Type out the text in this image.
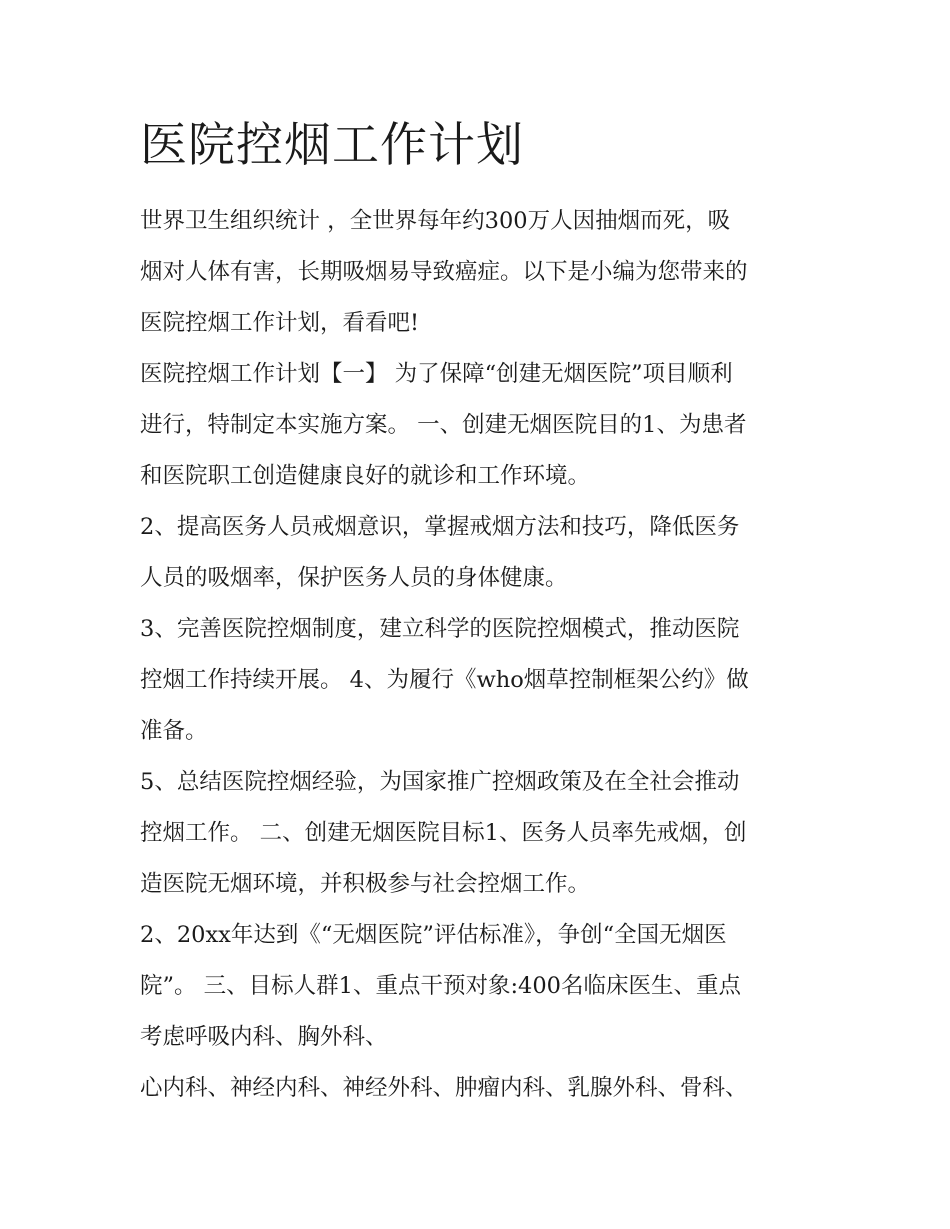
医院控烟工作计划

世界卫生组织统计 ，全世界每年约300万人因抽烟而死，吸

烟对人体有害，长期吸烟易导致癌症。以下是小编为您带来的

医院控烟工作计划，看看吧!

医院控烟工作计划【一】 为了保障“创建无烟医院”项目顺利

进行，特制定本实施方案。 一、创建无烟医院目的1、为患者

和医院职工创造健康良好的就诊和工作环境。

2、提高医务人员戒烟意识，掌握戒烟方法和技巧，降低医务

人员的吸烟率，保护医务人员的身体健康。

3、完善医院控烟制度，建立科学的医院控烟模式，推动医院

控烟工作持续开展。 4、为履行《who烟草控制框架公约》做

准备。

5、总结医院控烟经验，为国家推广控烟政策及在全社会推动

控烟工作。 二、创建无烟医院目标1、医务人员率先戒烟，创

造医院无烟环境，并积极参与社会控烟工作。

2、20xx年达到《“无烟医院”评估标准》，争创“全国无烟医

院”。 三、目标人群1、重点干预对象:400名临床医生、重点

考虑呼吸内科、胸外科、

心内科、神经内科、神经外科、肿瘤内科、乳腺外科、骨科、
